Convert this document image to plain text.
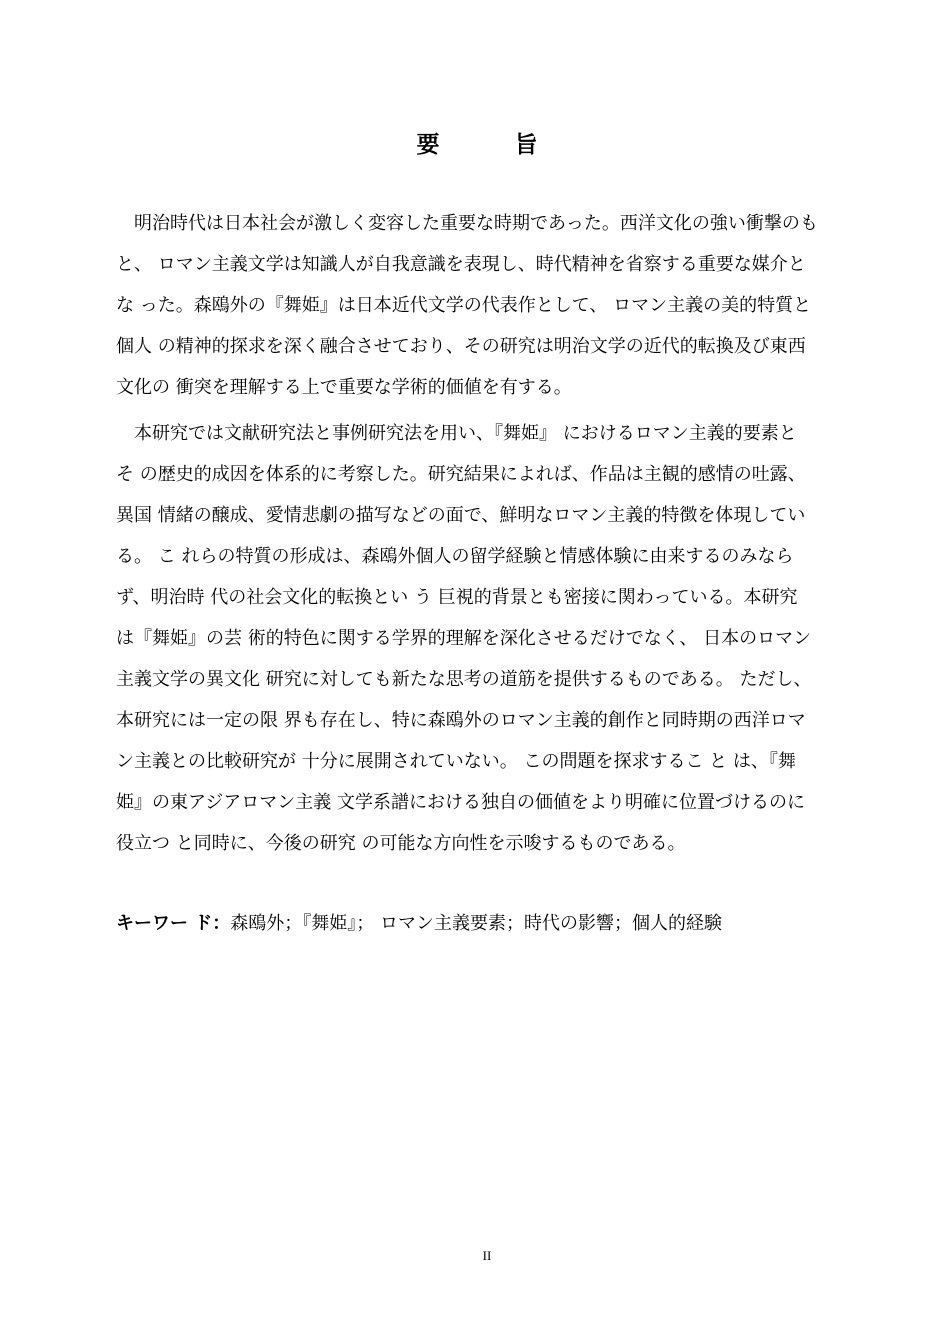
要　旨
　明治時代は日本社会が激しく変容した重要な時期であった。西洋文化の強い衝撃のも
と、 ロマン主義文学は知識人が自我意識を表現し、時代精神を省察する重要な媒介と
な った。森鴎外の『舞姫』は日本近代文学の代表作として、 ロマン主義の美的特質と
個人 の精神的探求を深く融合させており、その研究は明治文学の近代的転換及び東西
文化の 衝突を理解する上で重要な学術的価値を有する。
　本研究では文献研究法と事例研究法を用い、『舞姫』 におけるロマン主義的要素と
そ の歴史的成因を体系的に考察した。研究結果によれば、作品は主観的感情の吐露、
異国 情緒の醸成、愛情悲劇の描写などの面で、鮮明なロマン主義的特徴を体現してい
る。 こ れらの特質の形成は、森鴎外個人の留学経験と情感体験に由来するのみなら
ず、明治時 代の社会文化的転換とい う 巨視的背景とも密接に関わっている。本研究
は『舞姫』の芸 術的特色に関する学界的理解を深化させるだけでなく、 日本のロマン
主義文学の異文化 研究に対しても新たな思考の道筋を提供するものである。 ただし、
本研究には一定の限 界も存在し、特に森鴎外のロマン主義的創作と同時期の西洋ロマ
ン主義との比較研究が 十分に展開されていない。 この問題を探求するこ と は、『舞
姫』の東アジアロマン主義 文学系譜における独自の価値をより明確に位置づけるのに
役立つ と同時に、今後の研究 の可能な方向性を示唆するものである。
キーワー ド：森鴎外；『舞姫』； ロマン主義要素；時代の影響；個人的経験
II
